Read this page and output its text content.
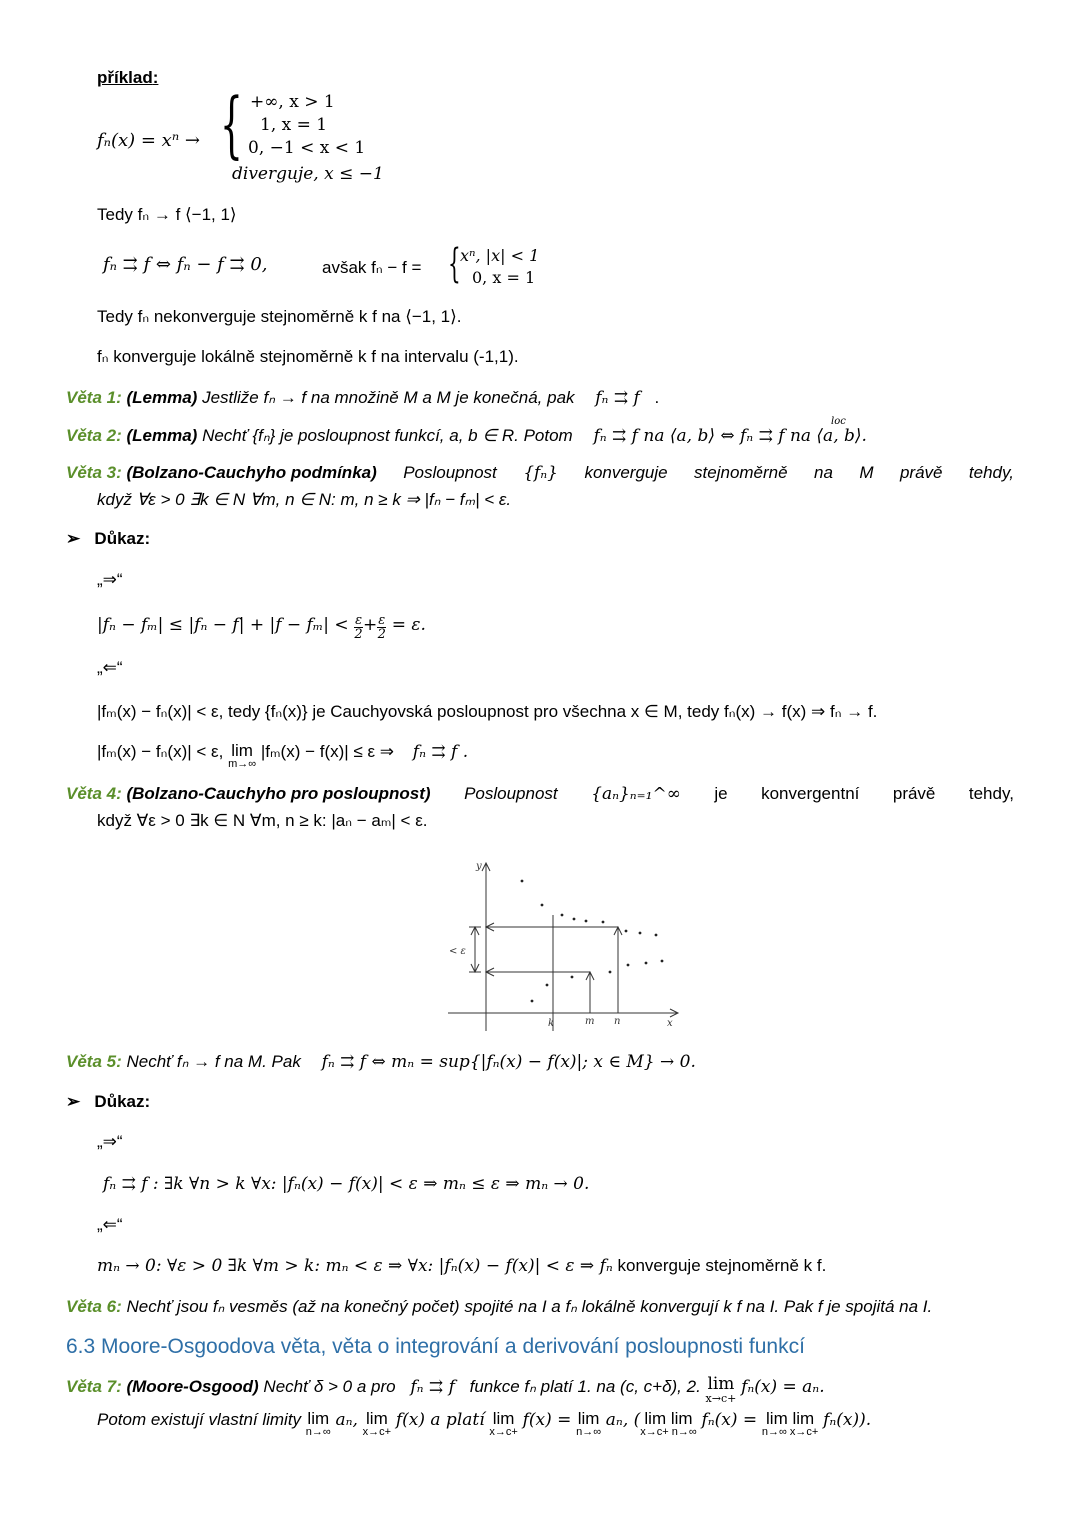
příklad:
fₙ(x) = xⁿ → { +∞, x > 1
1, x = 1
0, −1 < x < 1
diverguje, x ≤ −1
Tedy fₙ → f ⟨−1, 1⟩
fₙ ⇉ f ⇔ fₙ − f ⇉ 0,	avšak fₙ − f = { xⁿ, |x| < 1
0, x = 1
Tedy fₙ nekonverguje stejnoměrně k f na ⟨−1, 1⟩.
fₙ konverguje lokálně stejnoměrně k f na intervalu (-1,1).
Věta 1: (Lemma) Jestliže fₙ → f na množině M a M je konečná, pak fₙ ⇉ f .
Věta 2: (Lemma) Nechť {fₙ} je posloupnost funkcí, a, b ∈ R. Potom fₙ ⇉ f na ⟨a, b⟩ ⇔ fₙ ⇉ f na ⟨a, b⟩.
loc
Věta 3: (Bolzano-Cauchyho podmínka) Posloupnost {fₙ} konverguje stejnoměrně na M právě tehdy,
když ∀ε > 0 ∃k ∈ N ∀m, n ∈ N: m, n ≥ k ⇒ |fₙ − fₘ| < ε.
➢ Důkaz:
„⇒“
$|f_n - f_m| \le |f_n - f| + |f - f_m| < \frac{\varepsilon}{2} + \frac{\varepsilon}{2} = \varepsilon$.
„⇐“
|fₘ(x) − fₙ(x)| < ε, tedy {fₙ(x)} je Cauchyovská posloupnost pro všechna x ∈ M, tedy fₙ(x) → f(x) ⇒ fₙ → f.
|fₘ(x) − fₙ(x)| < ε, lim
m→∞
|fₘ(x) − f(x)| ≤ ε ⇒ fₙ ⇉ f .
Věta 4: (Bolzano-Cauchyho pro posloupnost) Posloupnost {aₙ}ₙ₌₁^∞ je konvergentní právě tehdy,
když ∀ε > 0 ∃k ∈ N ∀m, n ≥ k: |aₙ − aₘ| < ε.
y
x
k	m n
< ε
Věta 5: Nechť fₙ → f na M. Pak fₙ ⇉ f ⇔ mₙ = sup{|fₙ(x) − f(x)|; x ∈ M} → 0.
➢ Důkaz:
„⇒“
fₙ ⇉ f : ∃k ∀n > k ∀x: |fₙ(x) − f(x)| < ε ⇒ mₙ ≤ ε ⇒ mₙ → 0.
„⇐“
mₙ → 0: ∀ε > 0 ∃k ∀m > k: mₙ < ε ⇒ ∀x: |fₙ(x) − f(x)| < ε ⇒ fₙ konverguje stejnoměrně k f.
Věta 6: Nechť jsou fₙ vesměs (až na konečný počet) spojité na I a fₙ lokálně konvergují k f na I. Pak f je spojitá na I.
6.3 Moore-Osgoodova věta, věta o integrování a derivování posloupnosti funkcí
Věta 7: (Moore-Osgood) Nechť δ > 0 a pro fₙ ⇉ f funkce fₙ platí 1. na (c, c+δ), 2. lim
x→c+
fₙ(x) = aₙ.
Potom existují vlastní limity lim
n→∞
aₙ, lim
x→c+
f(x) a platí lim
x→c+
f(x) = lim
n→∞
aₙ, ( lim lim
x→c+ n→∞
fₙ(x) = lim lim
n→∞ x→c+
fₙ(x)).
